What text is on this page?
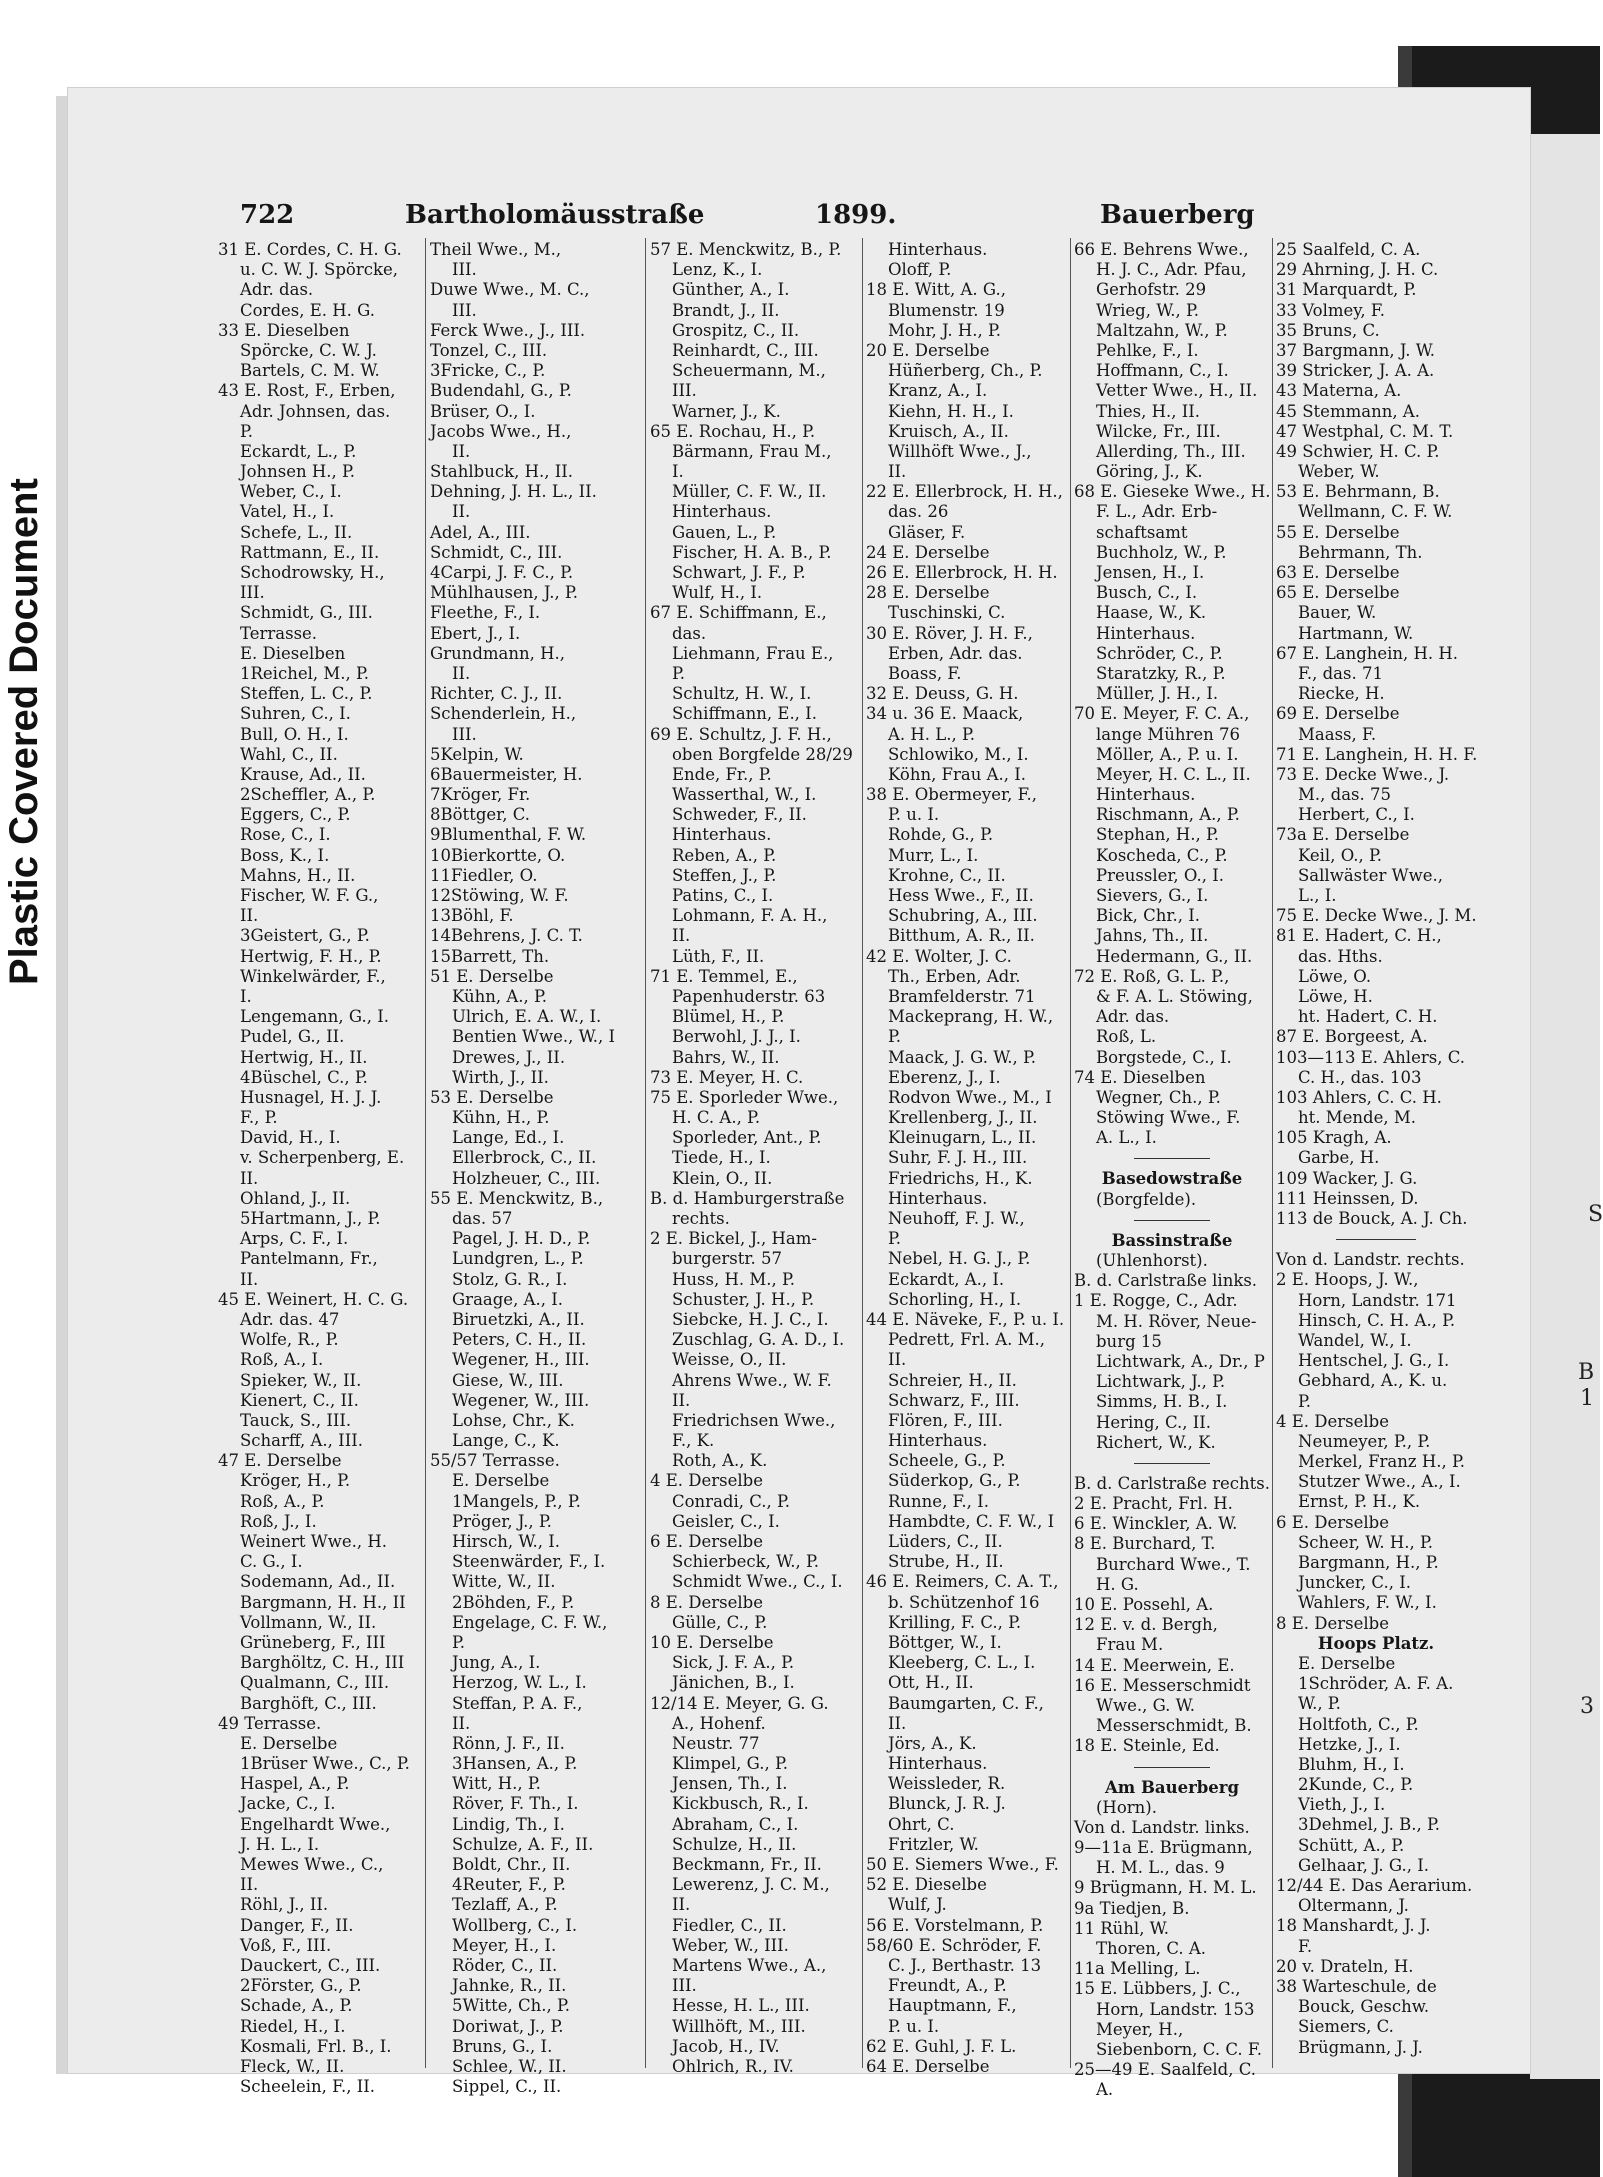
S
B
1
3
Plastic Covered Document
722	Bartholomäusstraße	1899.	Bauerberg
31 E. Cordes, C. H. G.
u. C. W. J. Spörcke,
Adr. das.
Cordes, E. H. G.
33 E. Dieselben
Spörcke, C. W. J.
Bartels, C. M. W.
43 E. Rost, F., Erben,
Adr. Johnsen, das.
P.
Eckardt, L., P.
Johnsen H., P.
Weber, C., I.
Vatel, H., I.
Schefe, L., II.
Rattmann, E., II.
Schodrowsky, H.,
III.
Schmidt, G., III.
Terrasse.
E. Dieselben
1Reichel, M., P.
Steffen, L. C., P.
Suhren, C., I.
Bull, O. H., I.
Wahl, C., II.
Krause, Ad., II.
2Scheffler, A., P.
Eggers, C., P.
Rose, C., I.
Boss, K., I.
Mahns, H., II.
Fischer, W. F. G.,
II.
3Geistert, G., P.
Hertwig, F. H., P.
Winkelwärder, F.,
I.
Lengemann, G., I.
Pudel, G., II.
Hertwig, H., II.
4Büschel, C., P.
Husnagel, H. J. J.
F., P.
David, H., I.
v. Scherpenberg, E.
II.
Ohland, J., II.
5Hartmann, J., P.
Arps, C. F., I.
Pantelmann, Fr.,
II.
45 E. Weinert, H. C. G.
Adr. das. 47
Wolfe, R., P.
Roß, A., I.
Spieker, W., II.
Kienert, C., II.
Tauck, S., III.
Scharff, A., III.
47 E. Derselbe
Kröger, H., P.
Roß, A., P.
Roß, J., I.
Weinert Wwe., H.
C. G., I.
Sodemann, Ad., II.
Bargmann, H. H., II
Vollmann, W., II.
Grüneberg, F., III
Barghöltz, C. H., III
Qualmann, C., III.
Barghöft, C., III.
49 Terrasse.
E. Derselbe
1Brüser Wwe., C., P.
Haspel, A., P.
Jacke, C., I.
Engelhardt Wwe.,
J. H. L., I.
Mewes Wwe., C.,
II.
Röhl, J., II.
Danger, F., II.
Voß, F., III.
Dauckert, C., III.
2Förster, G., P.
Schade, A., P.
Riedel, H., I.
Kosmali, Frl. B., I.
Fleck, W., II.
Scheelein, F., II.
Theil Wwe., M.,
III.
Duwe Wwe., M. C.,
III.
Ferck Wwe., J., III.
Tonzel, C., III.
3Fricke, C., P.
Budendahl, G., P.
Brüser, O., I.
Jacobs Wwe., H.,
II.
Stahlbuck, H., II.
Dehning, J. H. L., II.
II.
Adel, A., III.
Schmidt, C., III.
4Carpi, J. F. C., P.
Mühlhausen, J., P.
Fleethe, F., I.
Ebert, J., I.
Grundmann, H.,
II.
Richter, C. J., II.
Schenderlein, H.,
III.
5Kelpin, W.
6Bauermeister, H.
7Kröger, Fr.
8Böttger, C.
9Blumenthal, F. W.
10Bierkortte, O.
11Fiedler, O.
12Stöwing, W. F.
13Böhl, F.
14Behrens, J. C. T.
15Barrett, Th.
51 E. Derselbe
Kühn, A., P.
Ulrich, E. A. W., I.
Bentien Wwe., W., I
Drewes, J., II.
Wirth, J., II.
53 E. Derselbe
Kühn, H., P.
Lange, Ed., I.
Ellerbrock, C., II.
Holzheuer, C., III.
55 E. Menckwitz, B.,
das. 57
Pagel, J. H. D., P.
Lundgren, L., P.
Stolz, G. R., I.
Graage, A., I.
Biruetzki, A., II.
Peters, C. H., II.
Wegener, H., III.
Giese, W., III.
Wegener, W., III.
Lohse, Chr., K.
Lange, C., K.
55/57 Terrasse.
E. Derselbe
1Mangels, P., P.
Pröger, J., P.
Hirsch, W., I.
Steenwärder, F., I.
Witte, W., II.
2Böhden, F., P.
Engelage, C. F. W.,
P.
Jung, A., I.
Herzog, W. L., I.
Steffan, P. A. F.,
II.
Rönn, J. F., II.
3Hansen, A., P.
Witt, H., P.
Röver, F. Th., I.
Lindig, Th., I.
Schulze, A. F., II.
Boldt, Chr., II.
4Reuter, F., P.
Tezlaff, A., P.
Wollberg, C., I.
Meyer, H., I.
Röder, C., II.
Jahnke, R., II.
5Witte, Ch., P.
Doriwat, J., P.
Bruns, G., I.
Schlee, W., II.
Sippel, C., II.
57 E. Menckwitz, B., P.
Lenz, K., I.
Günther, A., I.
Brandt, J., II.
Grospitz, C., II.
Reinhardt, C., III.
Scheuermann, M.,
III.
Warner, J., K.
65 E. Rochau, H., P.
Bärmann, Frau M.,
I.
Müller, C. F. W., II.
Hinterhaus.
Gauen, L., P.
Fischer, H. A. B., P.
Schwart, J. F., P.
Wulf, H., I.
67 E. Schiffmann, E.,
das.
Liehmann, Frau E.,
P.
Schultz, H. W., I.
Schiffmann, E., I.
69 E. Schultz, J. F. H.,
oben Borgfelde 28/29
Ende, Fr., P.
Wasserthal, W., I.
Schweder, F., II.
Hinterhaus.
Reben, A., P.
Steffen, J., P.
Patins, C., I.
Lohmann, F. A. H.,
II.
Lüth, F., II.
71 E. Temmel, E.,
Papenhuderstr. 63
Blümel, H., P.
Berwohl, J. J., I.
Bahrs, W., II.
73 E. Meyer, H. C.
75 E. Sporleder Wwe.,
H. C. A., P.
Sporleder, Ant., P.
Tiede, H., I.
Klein, O., II.
B. d. Hamburgerstraße
rechts.
2 E. Bickel, J., Ham-
burgerstr. 57
Huss, H. M., P.
Schuster, J. H., P.
Siebcke, H. J. C., I.
Zuschlag, G. A. D., I.
Weisse, O., II.
Ahrens Wwe., W. F.
II.
Friedrichsen Wwe.,
F., K.
Roth, A., K.
4 E. Derselbe
Conradi, C., P.
Geisler, C., I.
6 E. Derselbe
Schierbeck, W., P.
Schmidt Wwe., C., I.
8 E. Derselbe
Gülle, C., P.
10 E. Derselbe
Sick, J. F. A., P.
Jänichen, B., I.
12/14 E. Meyer, G. G.
A., Hohenf.
Neustr. 77
Klimpel, G., P.
Jensen, Th., I.
Kickbusch, R., I.
Abraham, C., I.
Schulze, H., II.
Beckmann, Fr., II.
Lewerenz, J. C. M.,
II.
Fiedler, C., II.
Weber, W., III.
Martens Wwe., A.,
III.
Hesse, H. L., III.
Willhöft, M., III.
Jacob, H., IV.
Ohlrich, R., IV.
Hinterhaus.
Oloff, P.
18 E. Witt, A. G.,
Blumenstr. 19
Mohr, J. H., P.
20 E. Derselbe
Hüñerberg, Ch., P.
Kranz, A., I.
Kiehn, H. H., I.
Kruisch, A., II.
Willhöft Wwe., J.,
II.
22 E. Ellerbrock, H. H.,
das. 26
Gläser, F.
24 E. Derselbe
26 E. Ellerbrock, H. H.
28 E. Derselbe
Tuschinski, C.
30 E. Röver, J. H. F.,
Erben, Adr. das.
Boass, F.
32 E. Deuss, G. H.
34 u. 36 E. Maack,
A. H. L., P.
Schlowiko, M., I.
Köhn, Frau A., I.
38 E. Obermeyer, F.,
P. u. I.
Rohde, G., P.
Murr, L., I.
Krohne, C., II.
Hess Wwe., F., II.
Schubring, A., III.
Bitthum, A. R., II.
42 E. Wolter, J. C.
Th., Erben, Adr.
Bramfelderstr. 71
Mackeprang, H. W.,
P.
Maack, J. G. W., P.
Eberenz, J., I.
Rodvon Wwe., M., I
Krellenberg, J., II.
Kleinugarn, L., II.
Suhr, F. J. H., III.
Friedrichs, H., K.
Hinterhaus.
Neuhoff, F. J. W.,
P.
Nebel, H. G. J., P.
Eckardt, A., I.
Schorling, H., I.
44 E. Näveke, F., P. u. I.
Pedrett, Frl. A. M.,
II.
Schreier, H., II.
Schwarz, F., III.
Flören, F., III.
Hinterhaus.
Scheele, G., P.
Süderkop, G., P.
Runne, F., I.
Hambdte, C. F. W., I
Lüders, C., II.
Strube, H., II.
46 E. Reimers, C. A. T.,
b. Schützenhof 16
Krilling, F. C., P.
Böttger, W., I.
Kleeberg, C. L., I.
Ott, H., II.
Baumgarten, C. F.,
II.
Jörs, A., K.
Hinterhaus.
Weissleder, R.
Blunck, J. R. J.
Ohrt, C.
Fritzler, W.
50 E. Siemers Wwe., F.
52 E. Dieselbe
Wulf, J.
56 E. Vorstelmann, P.
58/60 E. Schröder, F.
C. J., Berthastr. 13
Freundt, A., P.
Hauptmann, F.,
P. u. I.
62 E. Guhl, J. F. L.
64 E. Derselbe
66 E. Behrens Wwe.,
H. J. C., Adr. Pfau,
Gerhofstr. 29
Wrieg, W., P.
Maltzahn, W., P.
Pehlke, F., I.
Hoffmann, C., I.
Vetter Wwe., H., II.
Thies, H., II.
Wilcke, Fr., III.
Allerding, Th., III.
Göring, J., K.
68 E. Gieseke Wwe., H.
F. L., Adr. Erb-
schaftsamt
Buchholz, W., P.
Jensen, H., I.
Busch, C., I.
Haase, W., K.
Hinterhaus.
Schröder, C., P.
Staratzky, R., P.
Müller, J. H., I.
70 E. Meyer, F. C. A.,
lange Mühren 76
Möller, A., P. u. I.
Meyer, H. C. L., II.
Hinterhaus.
Rischmann, A., P.
Stephan, H., P.
Koscheda, C., P.
Preussler, O., I.
Sievers, G., I.
Bick, Chr., I.
Jahns, Th., II.
Hedermann, G., II.
72 E. Roß, G. L. P.,
& F. A. L. Stöwing,
Adr. das.
Roß, L.
Borgstede, C., I.
74 E. Dieselben
Wegner, Ch., P.
Stöwing Wwe., F.
A. L., I.
Basedowstraße
(Borgfelde).
Bassinstraße
(Uhlenhorst).
B. d. Carlstraße links.
1 E. Rogge, C., Adr.
M. H. Röver, Neue-
burg 15
Lichtwark, A., Dr., P
Lichtwark, J., P.
Simms, H. B., I.
Hering, C., II.
Richert, W., K.
B. d. Carlstraße rechts.
2 E. Pracht, Frl. H.
6 E. Winckler, A. W.
8 E. Burchard, T.
Burchard Wwe., T.
H. G.
10 E. Possehl, A.
12 E. v. d. Bergh,
Frau M.
14 E. Meerwein, E.
16 E. Messerschmidt
Wwe., G. W.
Messerschmidt, B.
18 E. Steinle, Ed.
Am Bauerberg
(Horn).
Von d. Landstr. links.
9—11a E. Brügmann,
H. M. L., das. 9
9 Brügmann, H. M. L.
9a Tiedjen, B.
11 Rühl, W.
Thoren, C. A.
11a Melling, L.
15 E. Lübbers, J. C.,
Horn, Landstr. 153
Meyer, H.,
Siebenborn, C. C. F.
25—49 E. Saalfeld, C.
A.
25 Saalfeld, C. A.
29 Ahrning, J. H. C.
31 Marquardt, P.
33 Volmey, F.
35 Bruns, C.
37 Bargmann, J. W.
39 Stricker, J. A. A.
43 Materna, A.
45 Stemmann, A.
47 Westphal, C. M. T.
49 Schwier, H. C. P.
Weber, W.
53 E. Behrmann, B.
Wellmann, C. F. W.
55 E. Derselbe
Behrmann, Th.
63 E. Derselbe
65 E. Derselbe
Bauer, W.
Hartmann, W.
67 E. Langhein, H. H.
F., das. 71
Riecke, H.
69 E. Derselbe
Maass, F.
71 E. Langhein, H. H. F.
73 E. Decke Wwe., J.
M., das. 75
Herbert, C., I.
73a E. Derselbe
Keil, O., P.
Sallwäster Wwe.,
L., I.
75 E. Decke Wwe., J. M.
81 E. Hadert, C. H.,
das. Hths.
Löwe, O.
Löwe, H.
ht. Hadert, C. H.
87 E. Borgeest, A.
103—113 E. Ahlers, C.
C. H., das. 103
103 Ahlers, C. C. H.
ht. Mende, M.
105 Kragh, A.
Garbe, H.
109 Wacker, J. G.
111 Heinssen, D.
113 de Bouck, A. J. Ch.
Von d. Landstr. rechts.
2 E. Hoops, J. W.,
Horn, Landstr. 171
Hinsch, C. H. A., P.
Wandel, W., I.
Hentschel, J. G., I.
Gebhard, A., K. u.
P.
4 E. Derselbe
Neumeyer, P., P.
Merkel, Franz H., P.
Stutzer Wwe., A., I.
Ernst, P. H., K.
6 E. Derselbe
Scheer, W. H., P.
Bargmann, H., P.
Juncker, C., I.
Wahlers, F. W., I.
8 E. Derselbe
Hoops Platz.
E. Derselbe
1Schröder, A. F. A.
W., P.
Holtfoth, C., P.
Hetzke, J., I.
Bluhm, H., I.
2Kunde, C., P.
Vieth, J., I.
3Dehmel, J. B., P.
Schütt, A., P.
Gelhaar, J. G., I.
12/44 E. Das Aerarium.
Oltermann, J.
18 Manshardt, J. J.
F.
20 v. Drateln, H.
38 Warteschule, de
Bouck, Geschw.
Siemers, C.
Brügmann, J. J.
